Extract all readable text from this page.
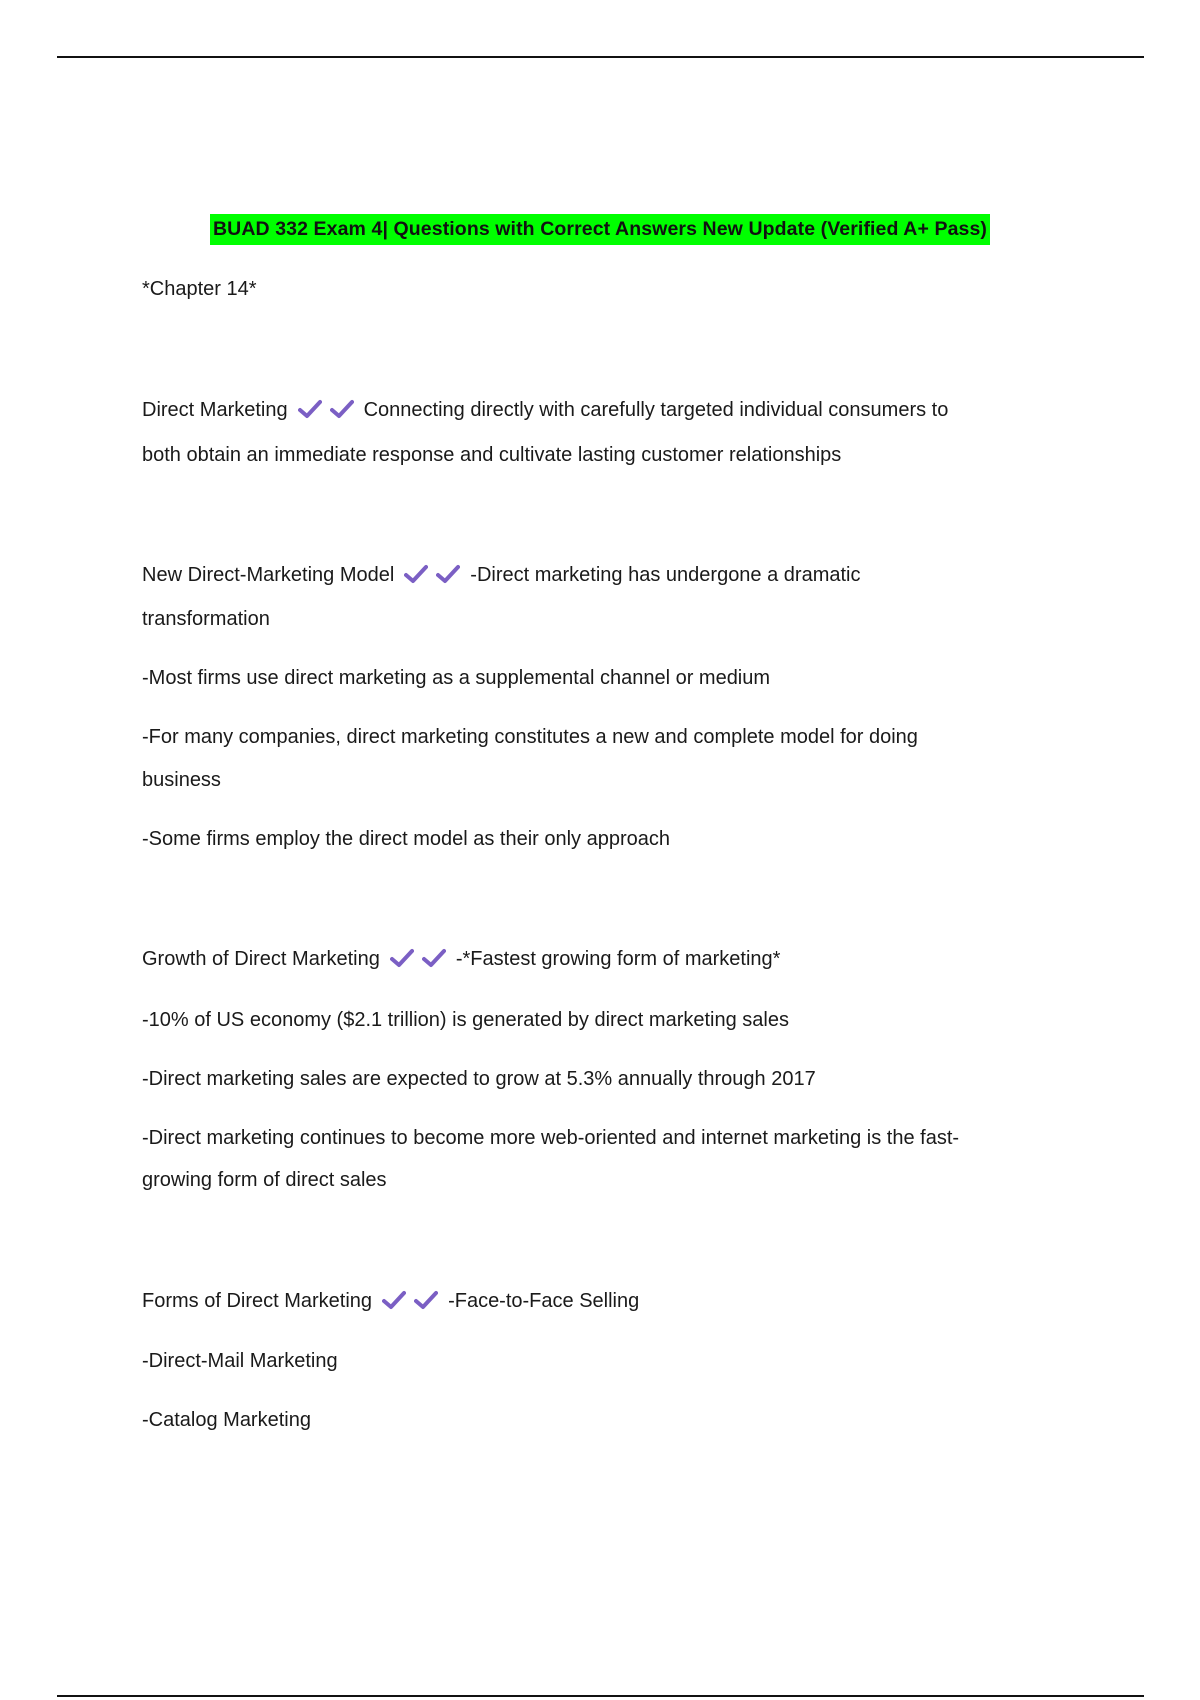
BUAD 332 Exam 4| Questions with Correct Answers New Update (Verified A+ Pass)
*Chapter 14*
Direct Marketing	Connecting directly with carefully targeted individual consumers to
both obtain an immediate response and cultivate lasting customer relationships
New Direct-Marketing Model	-Direct marketing has undergone a dramatic
transformation
-Most firms use direct marketing as a supplemental channel or medium
-For many companies, direct marketing constitutes a new and complete model for doing
business
-Some firms employ the direct model as their only approach
Growth of Direct Marketing	-*Fastest growing form of marketing*
-10% of US economy ($2.1 trillion) is generated by direct marketing sales
-Direct marketing sales are expected to grow at 5.3% annually through 2017
-Direct marketing continues to become more web-oriented and internet marketing is the fast-
growing form of direct sales
Forms of Direct Marketing	-Face-to-Face Selling
-Direct-Mail Marketing
-Catalog Marketing
